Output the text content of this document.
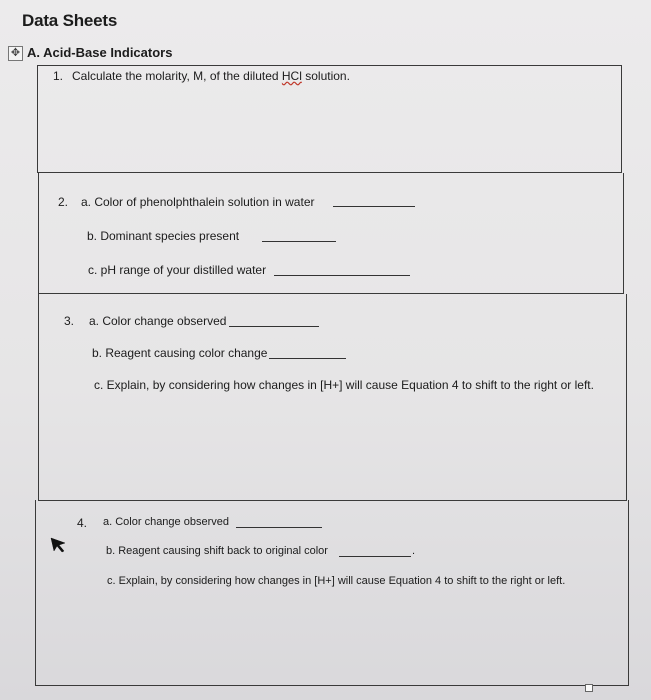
Data Sheets
✥ A. Acid-Base Indicators
1. Calculate the molarity, M, of the diluted HCl solution.
2. a. Color of phenolphthalein solution in water
b. Dominant species present
c. pH range of your distilled water
3. a. Color change observed
b. Reagent causing color change
c. Explain, by considering how changes in [H+] will cause Equation 4 to shift to the right or left.
4. a. Color change observed
b. Reagent causing shift back to original color	.
c. Explain, by considering how changes in [H+] will cause Equation 4 to shift to the right or left.
